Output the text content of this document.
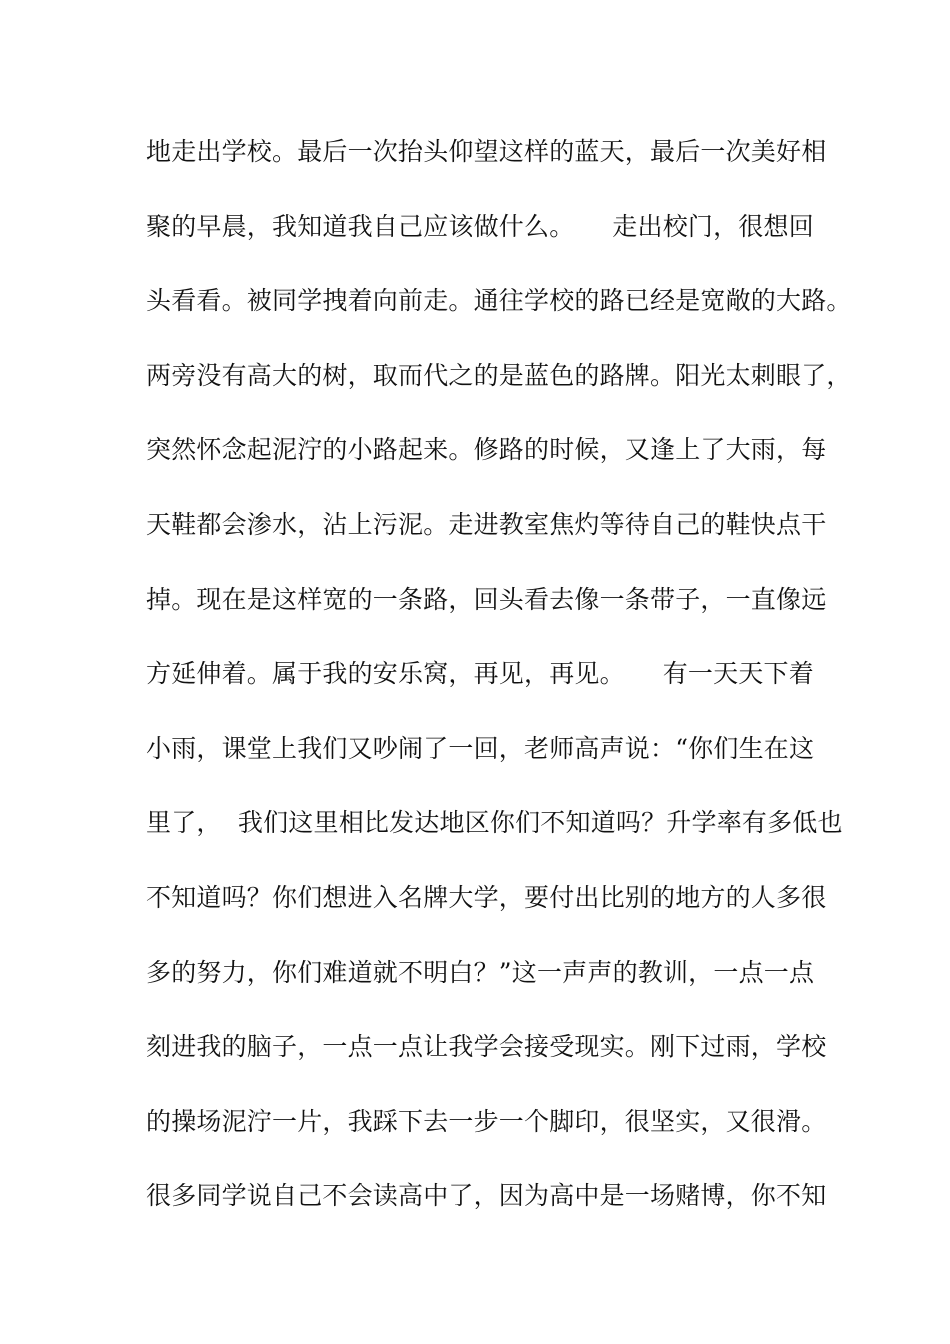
地走出学校。最后一次抬头仰望这样的蓝天，最后一次美好相
聚的早晨，我知道我自己应该做什么。　　走出校门，很想回
头看看。被同学拽着向前走。通往学校的路已经是宽敞的大路。
两旁没有高大的树，取而代之的是蓝色的路牌。阳光太刺眼了，
突然怀念起泥泞的小路起来。修路的时候，又逢上了大雨，每
天鞋都会渗水，沾上污泥。走进教室焦灼等待自己的鞋快点干
掉。现在是这样宽的一条路，回头看去像一条带子，一直像远
方延伸着。属于我的安乐窝，再见，再见。　　有一天天下着
小雨，课堂上我们又吵闹了一回，老师高声说：“你们生在这
里了，  我们这里相比发达地区你们不知道吗？升学率有多低也
不知道吗？你们想进入名牌大学，要付出比别的地方的人多很
多的努力，你们难道就不明白？”这一声声的教训，一点一点
刻进我的脑子，一点一点让我学会接受现实。刚下过雨，学校
的操场泥泞一片，我踩下去一步一个脚印，很坚实，又很滑。
很多同学说自己不会读高中了，因为高中是一场赌博，你不知
